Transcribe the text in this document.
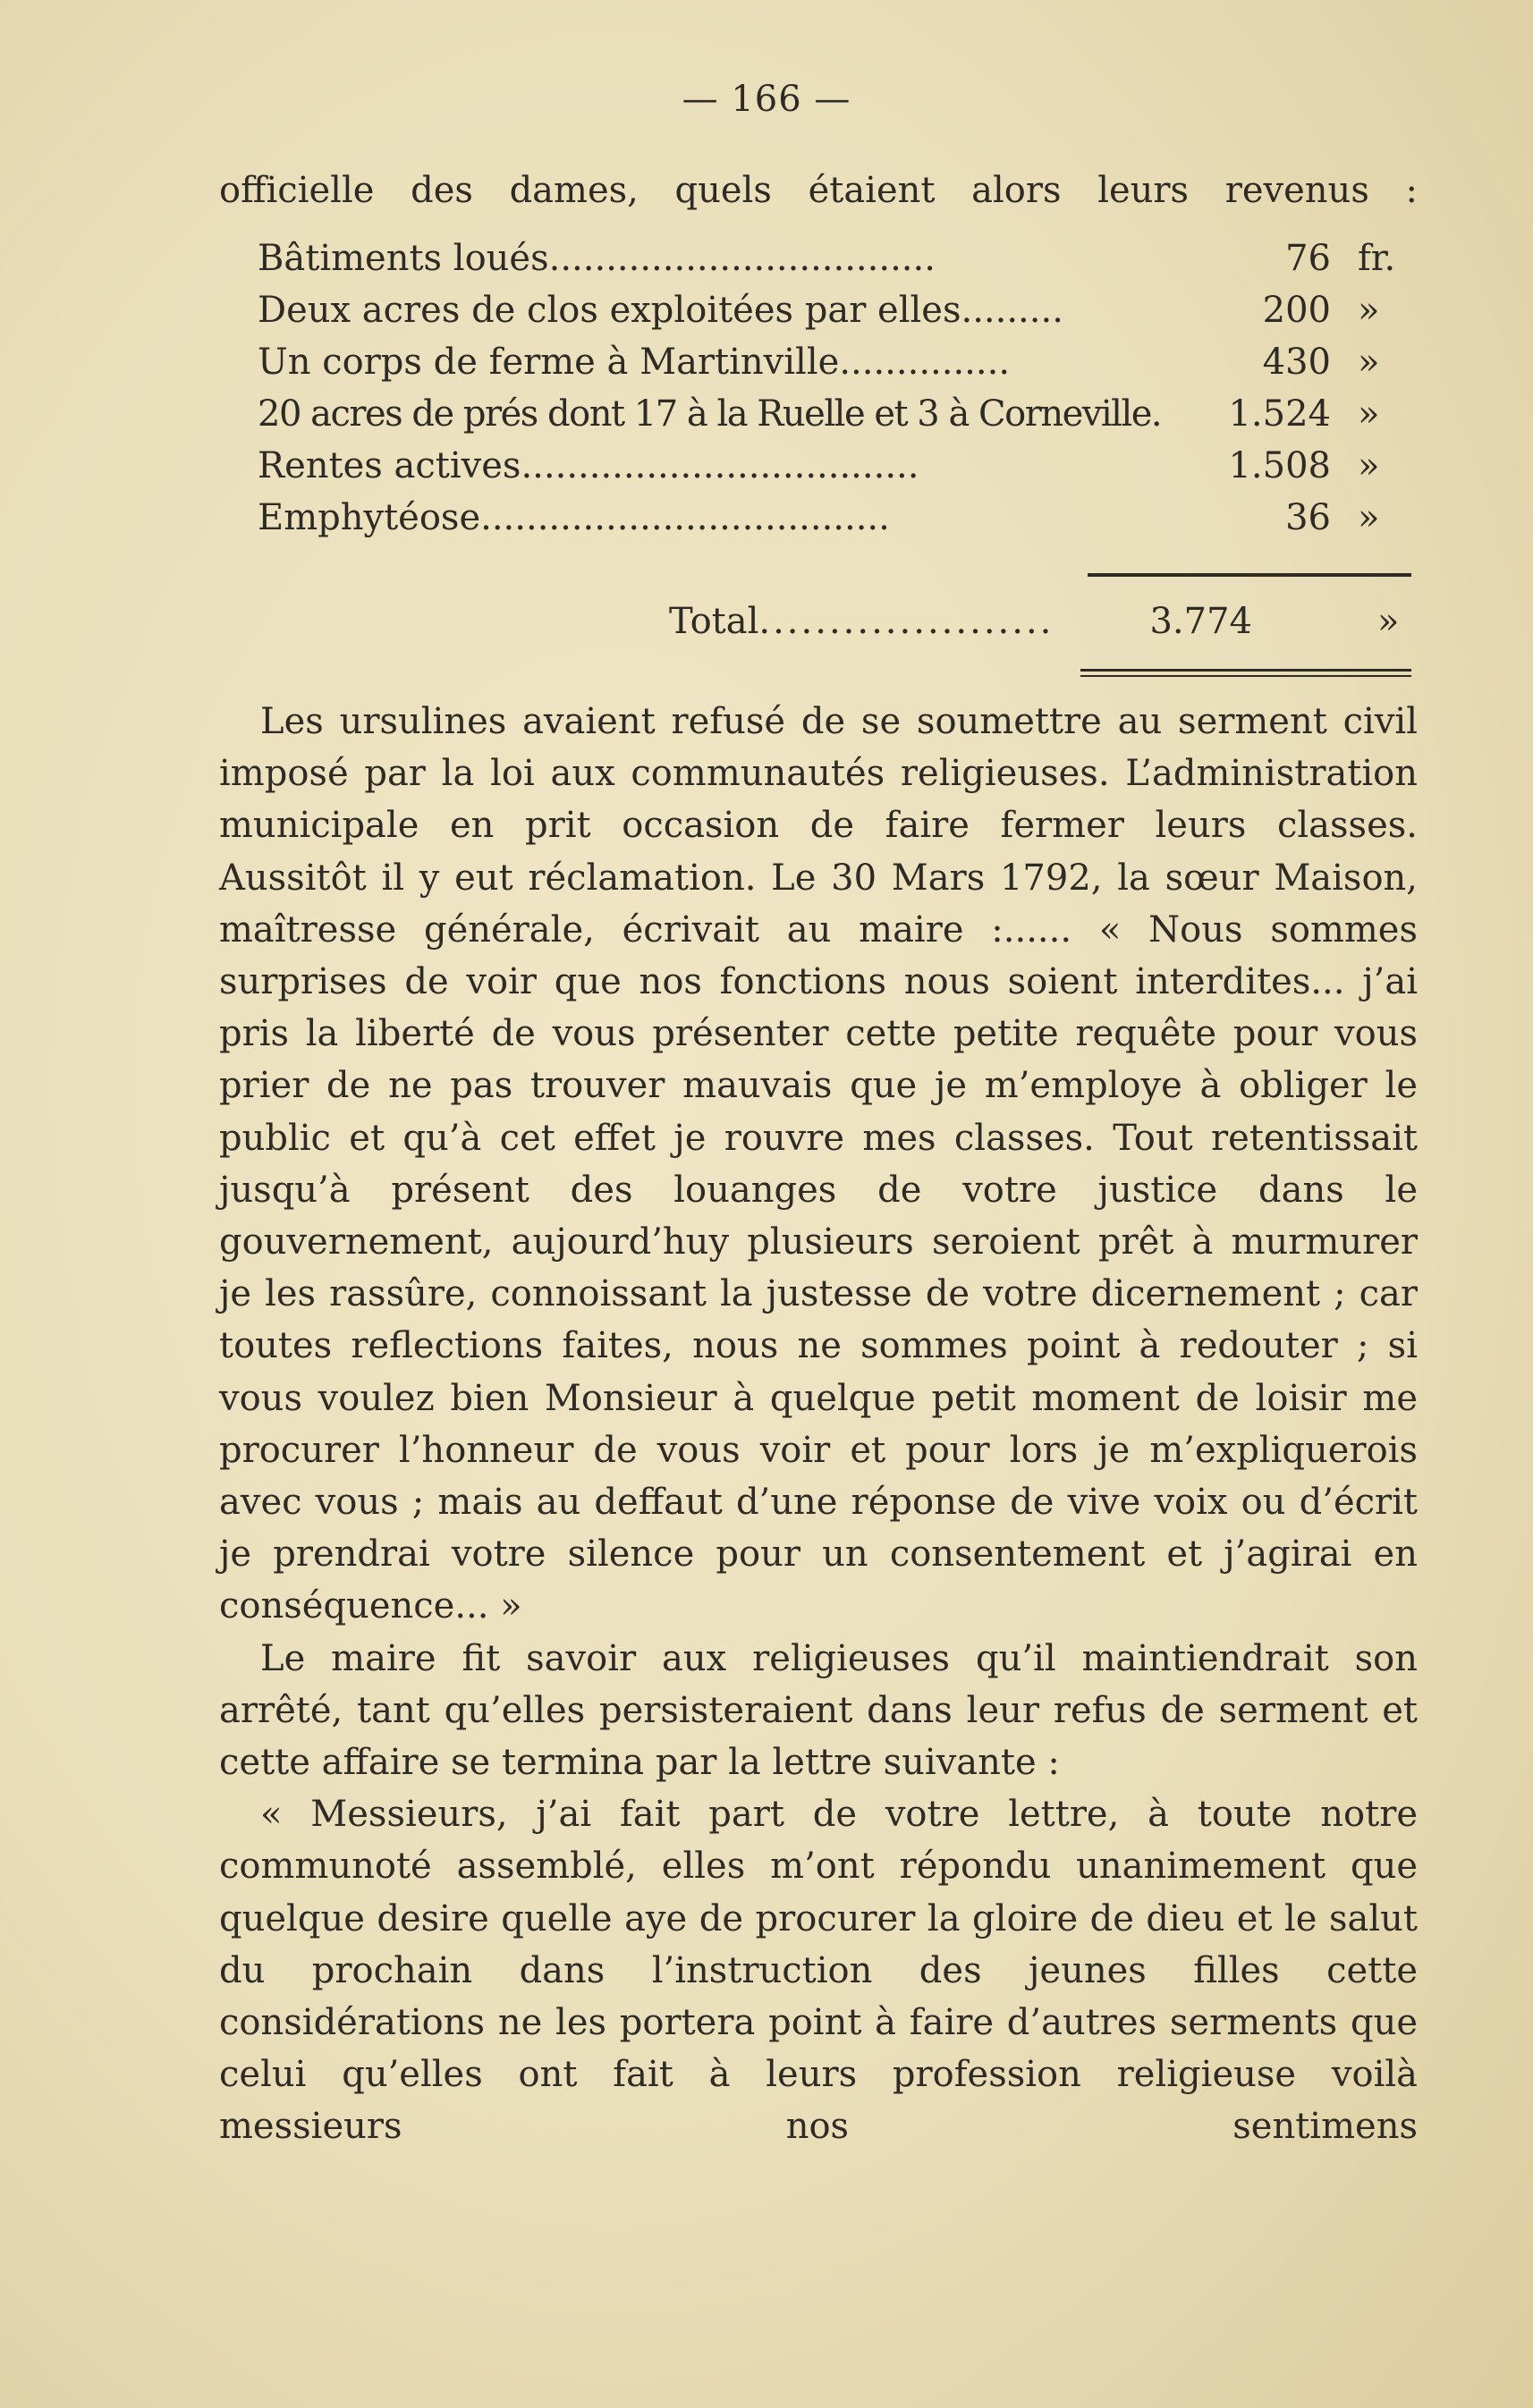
— 166 —
officielle des dames, quels étaient alors leurs revenus :
Bâtiments loués..................................	76 fr.
Deux acres de clos exploitées par elles.........	200 »
Un corps de ferme à Martinville...............	430 »
20 acres de prés dont 17 à la Ruelle et 3 à Corneville.	1.524 »
Rentes actives...................................	1.508 »
Emphytéose....................................	36 »
Total.....................	3.774	»

Les ursulines avaient refusé de se soumettre au serment civil imposé par la loi aux communautés religieuses. L’administration municipale en prit occasion de faire fermer leurs classes. Aussitôt il y eut réclamation. Le 30 Mars 1792, la sœur Maison, maîtresse générale, écrivait au maire :...... « Nous sommes surprises de voir que nos fonctions nous soient interdites... j’ai pris la liberté de vous présenter cette petite requête pour vous prier de ne pas trouver mauvais que je m’employe à obliger le public et qu’à cet effet je rouvre mes classes. Tout retentissait jusqu’à présent des louanges de votre justice dans le gouvernement, aujourd’huy plusieurs seroient prêt à murmurer je les rassûre, connoissant la justesse de votre dicernement ; car toutes reflections faites, nous ne sommes point à redouter ; si vous voulez bien Monsieur à quelque petit moment de loisir me procurer l’honneur de vous voir et pour lors je m’expliquerois avec vous ; mais au deffaut d’une réponse de vive voix ou d’écrit je prendrai votre silence pour un consentement et j’agirai en conséquence... »

Le maire fit savoir aux religieuses qu’il maintiendrait son arrêté, tant qu’elles persisteraient dans leur refus de serment et cette affaire se termina par la lettre suivante :

« Messieurs, j’ai fait part de votre lettre, à toute notre communoté assemblé, elles m’ont répondu unanimement que quelque desire quelle aye de procurer la gloire de dieu et le salut du prochain dans l’instruction des jeunes filles cette considérations ne les portera point à faire d’autres serments que celui qu’elles ont fait à leurs profession religieuse voilà messieurs nos sentimens
